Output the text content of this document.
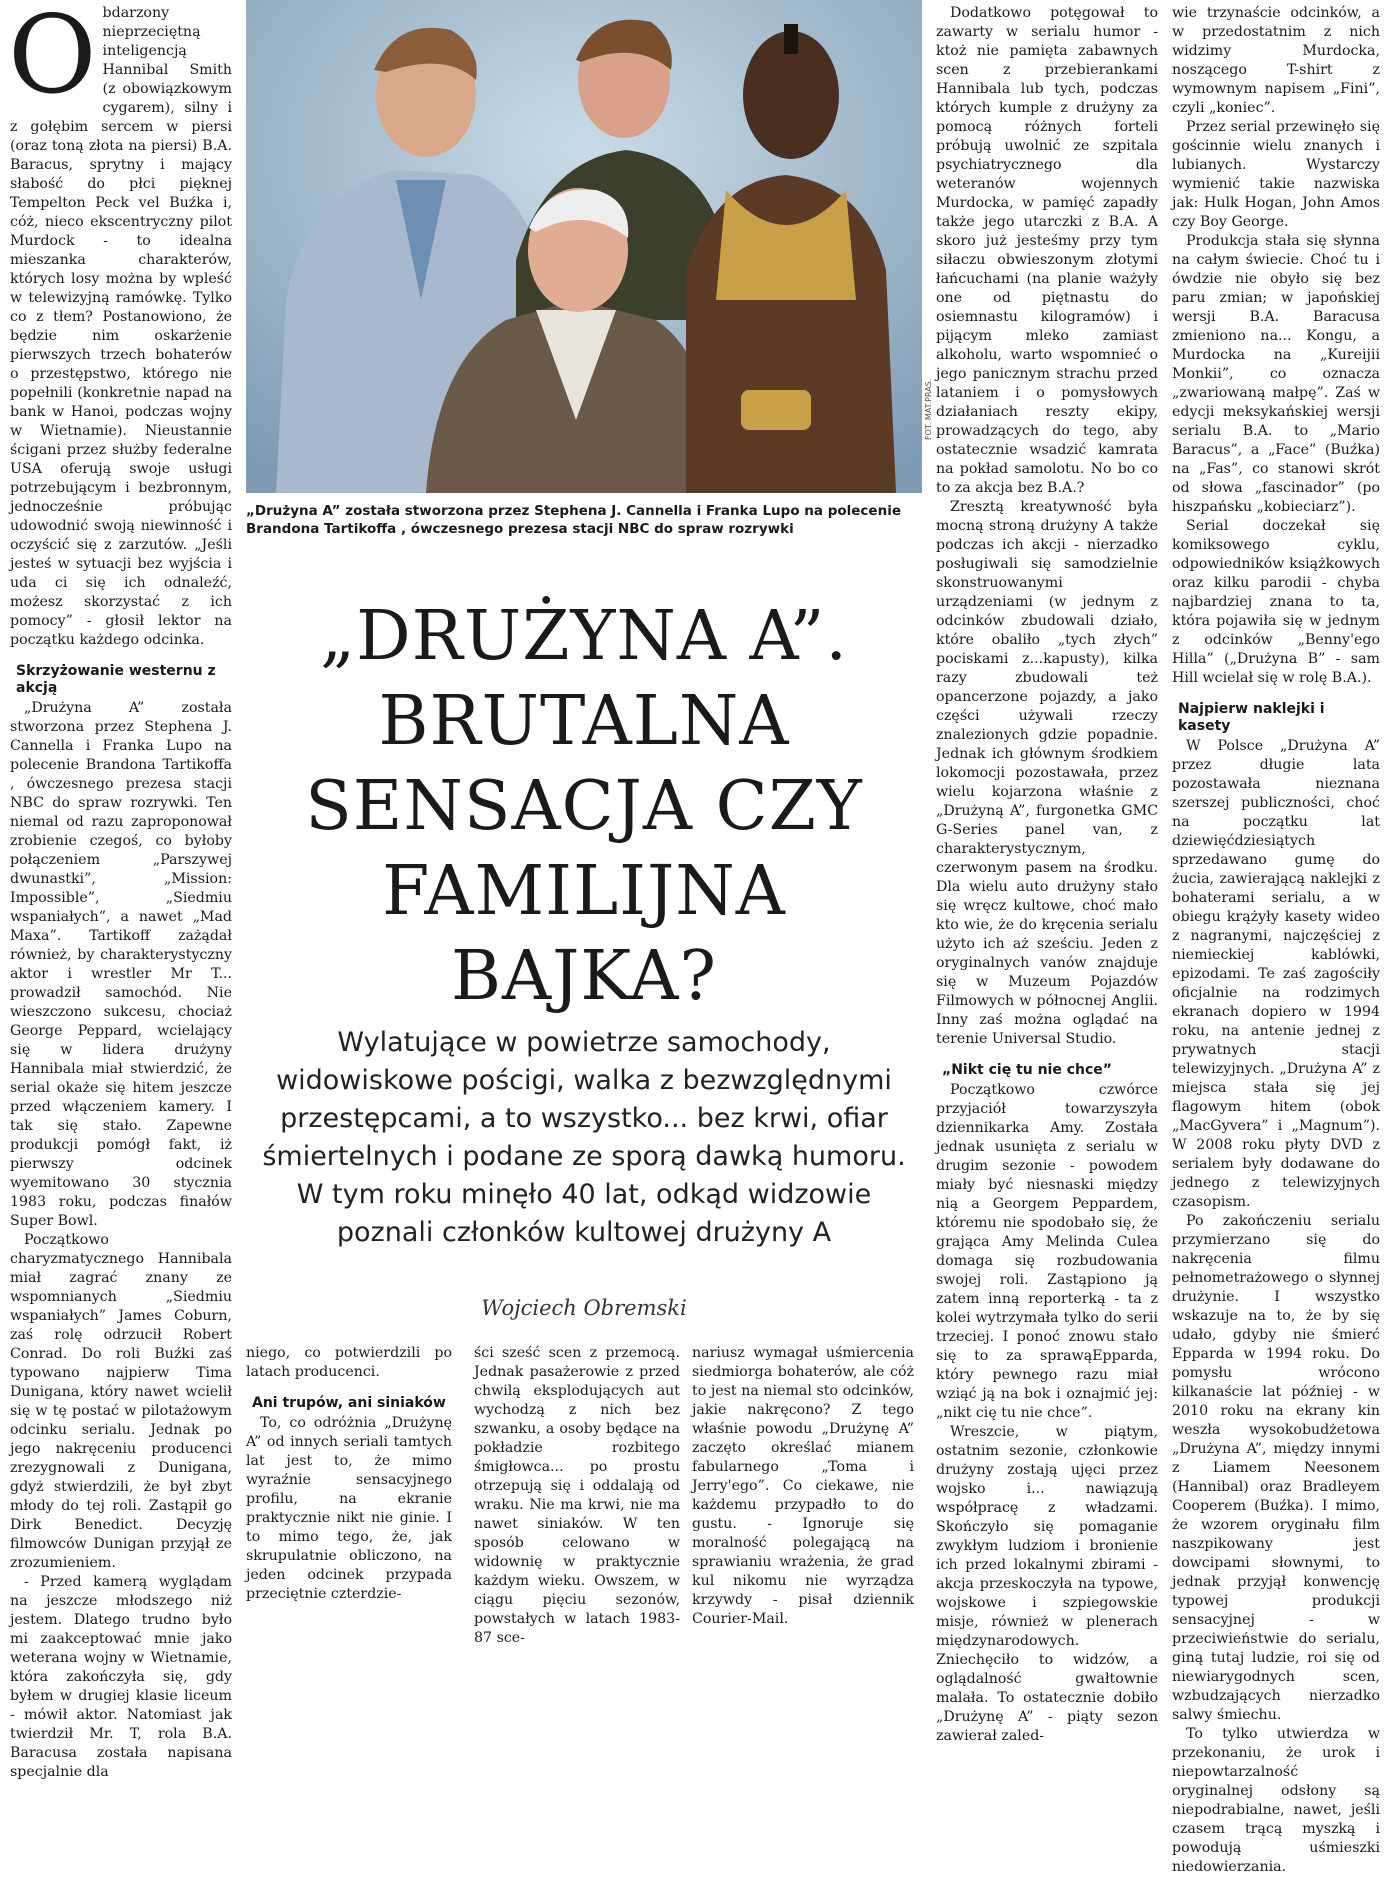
FOT. MAT.PRAS.
„Drużyna A” została stworzona przez Stephena J. Cannella i Franka Lupo na polecenie Brandona Tartikoffa , ówczesnego prezesa stacji NBC do spraw rozrywki
„DRUŻYNA A”. BRUTALNA SENSACJA CZY FAMILIJNA BAJKA?

Wylatujące w powietrze samochody, widowiskowe pościgi, walka z bezwzględnymi przestępcami, a to wszystko... bez krwi, ofiar śmiertelnych i podane ze sporą dawką humoru. W tym roku minęło 40 lat, odkąd widzowie poznali członków kultowej drużyny A

Wojciech Obremski

Obdarzony nieprzeciętną inteligencją Hannibal Smith (z obowiązkowym cygarem), silny i z gołębim sercem w piersi (oraz toną złota na piersi) B.A. Baracus, sprytny i mający słabość do płci pięknej Tempelton Peck vel Buźka i, cóż, nieco ekscentryczny pilot Murdock - to idealna mieszanka charakterów, których losy można by wpleść w telewizyjną ramówkę. Tylko co z tłem? Postanowiono, że będzie nim oskarżenie pierwszych trzech bohaterów o przestępstwo, którego nie popełnili (konkretnie napad na bank w Hanoi, podczas wojny w Wietnamie). Nieustannie ścigani przez służby federalne USA oferują swoje usługi potrzebującym i bezbronnym, jednocześnie próbując udowodnić swoją niewinność i oczyścić się z zarzutów. „Jeśli jesteś w sytuacji bez wyjścia i uda ci się ich odnaleźć, możesz skorzystać z ich pomocy” - głosił lektor na początku każdego odcinka.

Skrzyżowanie westernu z akcją

„Drużyna A” została stworzona przez Stephena J. Cannella i Franka Lupo na polecenie Brandona Tartikoffa , ówczesnego prezesa stacji NBC do spraw rozrywki. Ten niemal od razu zaproponował zrobienie czegoś, co byłoby połączeniem „Parszywej dwunastki”, „Mission: Impossible”, „Siedmiu wspaniałych”, a nawet „Mad Maxa”. Tartikoff zażądał również, by charakterystyczny aktor i wrestler Mr T... prowadził samochód. Nie wieszczono sukcesu, chociaż George Peppard, wcielający się w lidera drużyny Hannibala miał stwierdzić, że serial okaże się hitem jeszcze przed włączeniem kamery. I tak się stało. Zapewne produkcji pomógł fakt, iż pierwszy odcinek wyemitowano 30 stycznia 1983 roku, podczas finałów Super Bowl.

Początkowo charyzmatycznego Hannibala miał zagrać znany ze wspomnianych „Siedmiu wspaniałych” James Coburn, zaś rolę odrzucił Robert Conrad. Do roli Buźki zaś typowano najpierw Tima Dunigana, który nawet wcielił się w tę postać w pilotażowym odcinku serialu. Jednak po jego nakręceniu producenci zrezygnowali z Dunigana, gdyż stwierdzili, że był zbyt młody do tej roli. Zastąpił go Dirk Benedict. Decyzję filmowców Dunigan przyjął ze zrozumieniem.

- Przed kamerą wyglądam na jeszcze młodszego niż jestem. Dlatego trudno było mi zaakceptować mnie jako weterana wojny w Wietnamie, która zakończyła się, gdy byłem w drugiej klasie liceum - mówił aktor. Natomiast jak twierdził Mr. T, rola B.A. Baracusa została napisana specjalnie dla

niego, co potwierdzili po latach producenci.

Ani trupów, ani siniaków

To, co odróżnia „Drużynę A” od innych seriali tamtych lat jest to, że mimo wyraźnie sensacyjnego profilu, na ekranie praktycznie nikt nie ginie. I to mimo tego, że, jak skrupulatnie obliczono, na jeden odcinek przypada przeciętnie czterdzie-

ści sześć scen z przemocą. Jednak pasażerowie z przed chwilą eksplodujących aut wychodzą z nich bez szwanku, a osoby będące na pokładzie rozbitego śmigłowca... po prostu otrzepują się i oddalają od wraku. Nie ma krwi, nie ma nawet siniaków. W ten sposób celowano w widownię w praktycznie każdym wieku. Owszem, w ciągu pięciu sezonów, powstałych w latach 1983-87 sce-

nariusz wymagał uśmiercenia siedmiorga bohaterów, ale cóż to jest na niemal sto odcinków, jakie nakręcono? Z tego właśnie powodu „Drużynę A” zaczęto określać mianem fabularnego „Toma i Jerry'ego”. Co ciekawe, nie każdemu przypadło to do gustu. - Ignoruje się moralność polegającą na sprawianiu wrażenia, że grad kul nikomu nie wyrządza krzywdy - pisał dziennik Courier-Mail.

Dodatkowo potęgował to zawarty w serialu humor - ktoż nie pamięta zabawnych scen z przebierankami Hannibala lub tych, podczas których kumple z drużyny za pomocą różnych forteli próbują uwolnić ze szpitala psychiatrycznego dla weteranów wojennych Murdocka, w pamięć zapadły także jego utarczki z B.A. A skoro już jesteśmy przy tym siłaczu obwieszonym złotymi łańcuchami (na planie ważyły one od piętnastu do osiemnastu kilogramów) i pijącym mleko zamiast alkoholu, warto wspomnieć o jego panicznym strachu przed lataniem i o pomysłowych działaniach reszty ekipy, prowadzących do tego, aby ostatecznie wsadzić kamrata na pokład samolotu. No bo co to za akcja bez B.A.?

Zresztą kreatywność była mocną stroną drużyny A także podczas ich akcji - nierzadko posługiwali się samodzielnie skonstruowanymi urządzeniami (w jednym z odcinków zbudowali działo, które obaliło „tych złych” pociskami z...kapusty), kilka razy zbudowali też opancerzone pojazdy, a jako części używali rzeczy znalezionych gdzie popadnie. Jednak ich głównym środkiem lokomocji pozostawała, przez wielu kojarzona właśnie z „Drużyną A”, furgonetka GMC G-Series panel van, z charakterystycznym, czerwonym pasem na środku. Dla wielu auto drużyny stało się wręcz kultowe, choć mało kto wie, że do kręcenia serialu użyto ich aż sześciu. Jeden z oryginalnych vanów znajduje się w Muzeum Pojazdów Filmowych w północnej Anglii. Inny zaś można oglądać na terenie Universal Studio.

„Nikt cię tu nie chce”

Początkowo czwórce przyjaciół towarzyszyła dziennikarka Amy. Została jednak usunięta z serialu w drugim sezonie - powodem miały być niesnaski między nią a Georgem Peppardem, któremu nie spodobało się, że grająca Amy Melinda Culea domaga się rozbudowania swojej roli. Zastąpiono ją zatem inną reporterką - ta z kolei wytrzymała tylko do serii trzeciej. I ponoć znowu stało się to za sprawąEpparda, który pewnego razu miał wziąć ją na bok i oznajmić jej: „nikt cię tu nie chce”.

Wreszcie, w piątym, ostatnim sezonie, członkowie drużyny zostają ujęci przez wojsko i... nawiązują współpracę z władzami. Skończyło się pomaganie zwykłym ludziom i bronienie ich przed lokalnymi zbirami - akcja przeskoczyła na typowe, wojskowe i szpiegowskie misje, również w plenerach międzynarodowych. Zniechęciło to widzów, a oglądalność gwałtownie malała. To ostatecznie dobiło „Drużynę A” - piąty sezon zawierał zaled-

wie trzynaście odcinków, a w przedostatnim z nich widzimy Murdocka, noszącego T-shirt z wymownym napisem „Fini”, czyli „koniec”.

Przez serial przewinęło się gościnnie wielu znanych i lubianych. Wystarczy wymienić takie nazwiska jak: Hulk Hogan, John Amos czy Boy George.

Produkcja stała się słynna na całym świecie. Choć tu i ówdzie nie obyło się bez paru zmian; w japońskiej wersji B.A. Baracusa zmieniono na... Kongu, a Murdocka na „Kureijii Monkii”, co oznacza „zwariowaną małpę”. Zaś w edycji meksykańskiej wersji serialu B.A. to „Mario Baracus”, a „Face” (Buźka) na „Fas”, co stanowi skrót od słowa „fascinador” (po hiszpańsku „kobieciarz”).

Serial doczekał się komiksowego cyklu, odpowiedników książkowych oraz kilku parodii - chyba najbardziej znana to ta, która pojawiła się w jednym z odcinków „Benny'ego Hilla” („Drużyna B” - sam Hill wcielał się w rolę B.A.).

Najpierw naklejki i kasety

W Polsce „Drużyna A” przez długie lata pozostawała nieznana szerszej publiczności, choć na początku lat dziewięćdziesiątych sprzedawano gumę do żucia, zawierającą naklejki z bohaterami serialu, a w obiegu krążyły kasety wideo z nagranymi, najczęściej z niemieckiej kablówki, epizodami. Te zaś zagościły oficjalnie na rodzimych ekranach dopiero w 1994 roku, na antenie jednej z prywatnych stacji telewizyjnych. „Drużyna A” z miejsca stała się jej flagowym hitem (obok „MacGyvera” i „Magnum”). W 2008 roku płyty DVD z serialem były dodawane do jednego z telewizyjnych czasopism.

Po zakończeniu serialu przymierzano się do nakręcenia filmu pełnometrażowego o słynnej drużynie. I wszystko wskazuje na to, że by się udało, gdyby nie śmierć Epparda w 1994 roku. Do pomysłu wrócono kilkanaście lat później - w 2010 roku na ekrany kin weszła wysokobudżetowa „Drużyna A”, między innymi z Liamem Neesonem (Hannibal) oraz Bradleyem Cooperem (Buźka). I mimo, że wzorem oryginału film naszpikowany jest dowcipami słownymi, to jednak przyjął konwencję typowej produkcji sensacyjnej - w przeciwieństwie do serialu, giną tutaj ludzie, roi się od niewiarygodnych scen, wzbudzających nierzadko salwy śmiechu.

To tylko utwierdza w przekonaniu, że urok i niepowtarzalność oryginalnej odsłony są niepodrabialne, nawet, jeśli czasem trącą myszką i powodują uśmieszki niedowierzania.
